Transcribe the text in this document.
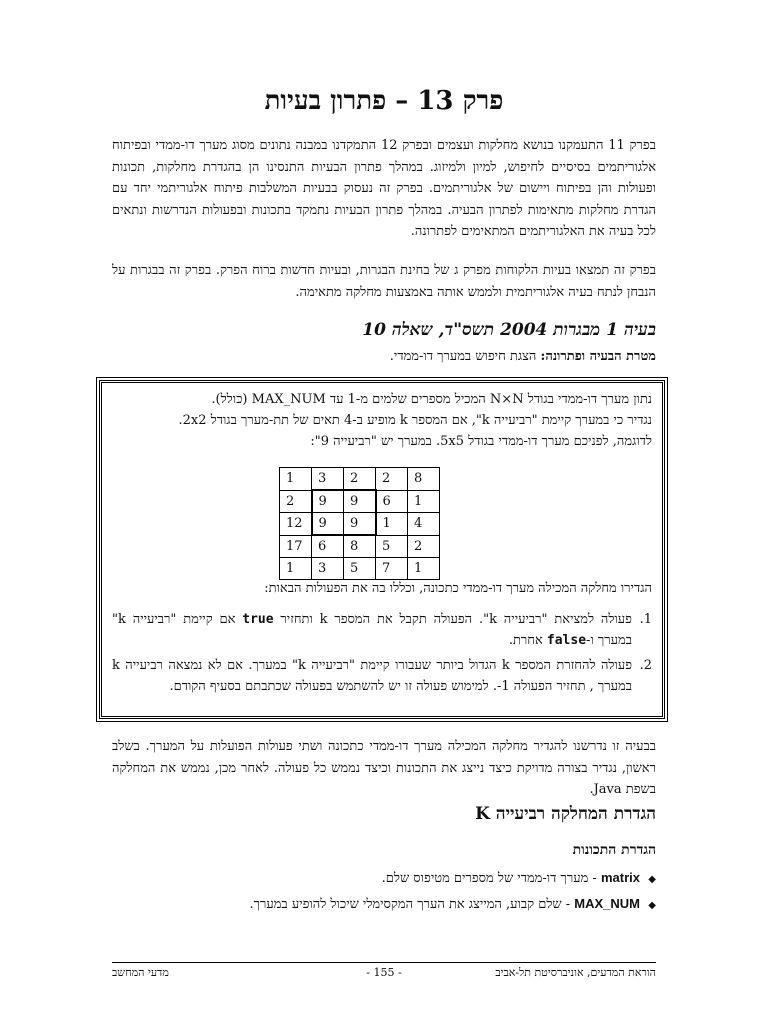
פרק 13 – פתרון בעיות

בפרק 11 התעמקנו בנושא מחלקות ועצמים ובפרק 12 התמקדנו במבנה נתונים מסוג מערך דו-ממדי ובפיתוח אלגוריתמים בסיסיים לחיפוש, למיון ולמיזוג. במהלך פתרון הבעיות התנסינו הן בהגדרת מחלקות, תכונות ופעולות והן בפיתוח ויישום של אלגוריתמים. בפרק זה נעסוק בבעיות המשלבות פיתוח אלגוריתמי יחד עם הגדרת מחלקות מתאימות לפתרון הבעיה. במהלך פתרון הבעיות נתמקד בתכונות ובפעולות הנדרשות ונתאים לכל בעיה את האלגוריתמים המתאימים לפתרונה.

בפרק זה תמצאו בעיות הלקוחות מפרק ג של בחינת הבגרות, ובעיות חדשות ברוח הפרק. בפרק זה בבגרות על הנבחן לנתח בעיה אלגוריתמית ולממש אותה באמצעות מחלקה מתאימה.

בעיה 1 מבגרות 2004 תשס"ד, שאלה 10

מטרת הבעיה ופתרונה: הצגת חיפוש במערך דו-ממדי.

נתון מערך דו-ממדי בגודל N×N המכיל מספרים שלמים מ-1 עד MAX_NUM (כולל).

נגדיר כי במערך קיימת "רביעייה k", אם המספר k מופיע ב-4 תאים של תת-מערך בגודל 2x2.

לדוגמה, לפניכם מערך דו-ממדי בגודל 5x5. במערך יש "רביעייה 9":

1	3	2	2	8
2	9	9	6	1
12	9	9	1	4
17	6	8	5	2
1	3	5	7	1

הגדירו מחלקה המכילה מערך דו-ממדי כתכונה, וכללו בה את הפעולות הבאות:

1.
פעולה למציאת "רביעייה k". הפעולה תקבל את המספר k ותחזיר true אם קיימת "רביעייה k" במערך ו-false אחרת.
2.
פעולה להחזרת המספר k הגדול ביותר שעבורו קיימת "רביעייה k" במערך. אם לא נמצאה רביעייה k במערך , תחזיר הפעולה 1-. למימוש פעולה זו יש להשתמש בפעולה שכתבתם בסעיף הקודם.

בבעיה זו נדרשנו להגדיר מחלקה המכילה מערך דו-ממדי כתכונה ושתי פעולות הפועלות על המערך. בשלב ראשון, נגדיר בצורה מדויקת כיצד נייצג את התכונות וכיצד נממש כל פעולה. לאחר מכן, נממש את המחלקה בשפת Java.

הגדרת המחלקה רביעייה K
הגדרת התכונות

◆matrix - מערך דו-ממדי של מספרים מטיפוס שלם.

◆MAX_NUM - שלם קבוע, המייצג את הערך המקסימלי שיכול להופיע במערך.

הוראת המדעים, אוניברסיטת תל-אביב
- 155 -
מדעי המחשב
